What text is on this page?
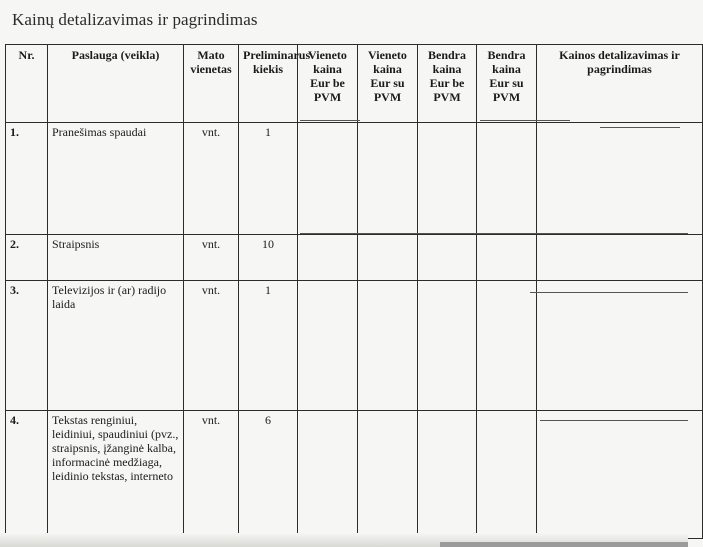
Kainų detalizavimas ir pagrindimas
Nr.	Paslauga (veikla)	Mato vienetas	Preliminarus kiekis	Vieneto kaina Eur be PVM	Vieneto kaina Eur su PVM	Bendra kaina Eur be PVM	Bendra kaina Eur su PVM	Kainos detalizavimas ir pagrindimas
1.	Pranešimas spaudai	vnt.	1					
2.	Straipsnis	vnt.	10					
3.	Televizijos ir (ar) radijo laida	vnt.	1					
4.	Tekstas renginiui, leidiniui, spaudiniui (pvz., straipsnis, įžanginė kalba, informacinė medžiaga, leidinio tekstas, interneto	vnt.	6					
